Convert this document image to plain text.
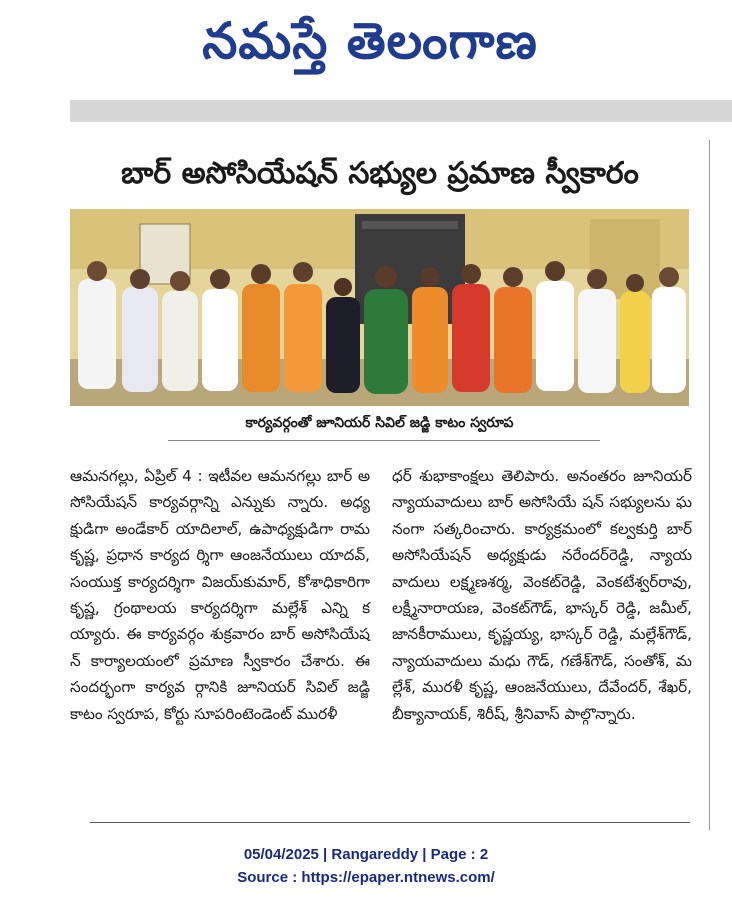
నమస్తే తెలంగాణ
బార్ అసోసియేషన్ సభ్యుల ప్రమాణ స్వీకారం
కార్యవర్గంతో జూనియర్ సివిల్ జడ్జి కాటం స్వరూప
ఆమనగల్లు, ఏప్రిల్ 4 : ఇటీవల ఆమనగల్లు బార్ అసోసియేషన్ కార్యవర్గాన్ని ఎన్నుకు న్నారు. అధ్యక్షుడిగా అండేకార్ యాదిలాల్, ఉపాధ్యక్షుడిగా రామకృష్ణ, ప్రధాన కార్యద ర్శిగా ఆంజనేయులు యాదవ్, సంయుక్త కార్యదర్శిగా విజయ్‌కుమార్, కోశాధికారిగా కృష్ణ, గ్రంథాలయ కార్యదర్శిగా మల్లేశ్ ఎన్ని కయ్యారు. ఈ కార్యవర్గం శుక్రవారం బార్ అసోసియేషన్ కార్యాలయంలో ప్రమాణ స్వీకారం చేశారు. ఈ సందర్భంగా కార్యవ ర్గానికి జూనియర్ సివిల్ జడ్జి కాటం స్వరూప, కోర్టు సూపరింటెండెంట్ మురళీ
ధర్ శుభాకాంక్షలు తెలిపారు. అనంతరం జూనియర్ న్యాయవాదులు బార్ అసోసియే షన్ సభ్యులను ఘనంగా సత్కరించారు. కార్యక్రమంలో కల్వకుర్తి బార్ అసోసియేషన్ అధ్యక్షుడు నరేందర్‌రెడ్డి, న్యాయవాదులు లక్ష్మణశర్మ, వెంకట్‌రెడ్డి, వెంకటేశ్వర్‌రావు, లక్ష్మీనారాయణ, వెంకట్‌గౌడ్, భాస్కర్ రెడ్డి, జమీల్, జానకీరాములు, కృష్ణయ్య, భాస్కర్ రెడ్డి, మల్లేశ్‌గౌడ్, న్యాయవాదులు మధు గౌడ్, గణేశ్‌గౌడ్, సంతోశ్, మల్లేశ్, మురళీ కృష్ణ, ఆంజనేయులు, దేవేందర్, శేఖర్, బీక్యానాయక్, శిరీష్, శ్రీనివాస్ పాల్గొన్నారు.
05/04/2025 | Rangareddy | Page : 2
Source : https://epaper.ntnews.com/
